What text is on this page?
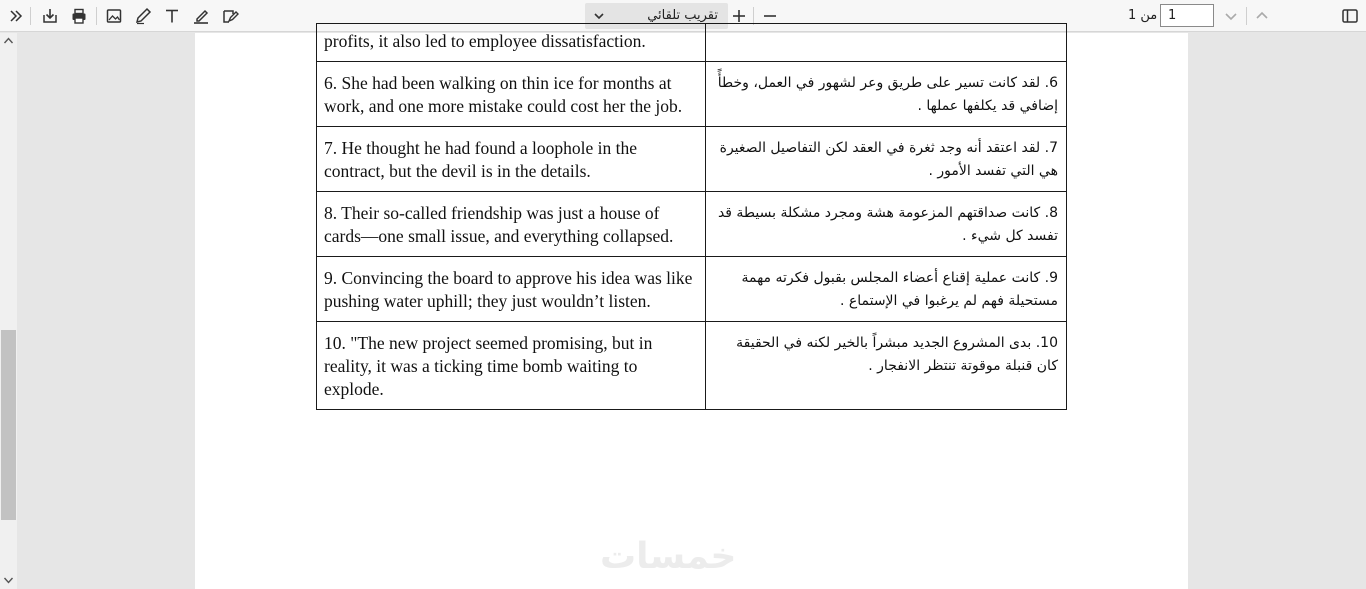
1
من 1
تقريب تلقائي
profits, it also led to employee dissatisfaction.	
6. She had been walking on thin ice for months at work, and one more mistake could cost her the job.	6. لقد كانت تسير على طريق وعر لشهور في العمل، وخطأً إضافي قد يكلفها عملها .
7. He thought he had found a loophole in the contract, but the devil is in the details.	7. لقد اعتقد أنه وجد ثغرة في العقد لكن التفاصيل الصغيرة هي التي تفسد الأمور .
8. Their so-called friendship was just a house of cards—one small issue, and everything collapsed.	8. كانت صداقتهم المزعومة هشة ومجرد مشكلة بسيطة قد تفسد كل شيء .
9. Convincing the board to approve his idea was like pushing water uphill; they just wouldn’t listen.	9. كانت عملية إقناع أعضاء المجلس بقبول فكرته مهمة مستحيلة فهم لم يرغبوا في الإستماع .
10. "The new project seemed promising, but in reality, it was a ticking time bomb waiting to explode.	10. بدى المشروع الجديد مبشراً بالخير لكنه في الحقيقة كان قنبلة موقوتة تنتظر الانفجار .
خمسات
